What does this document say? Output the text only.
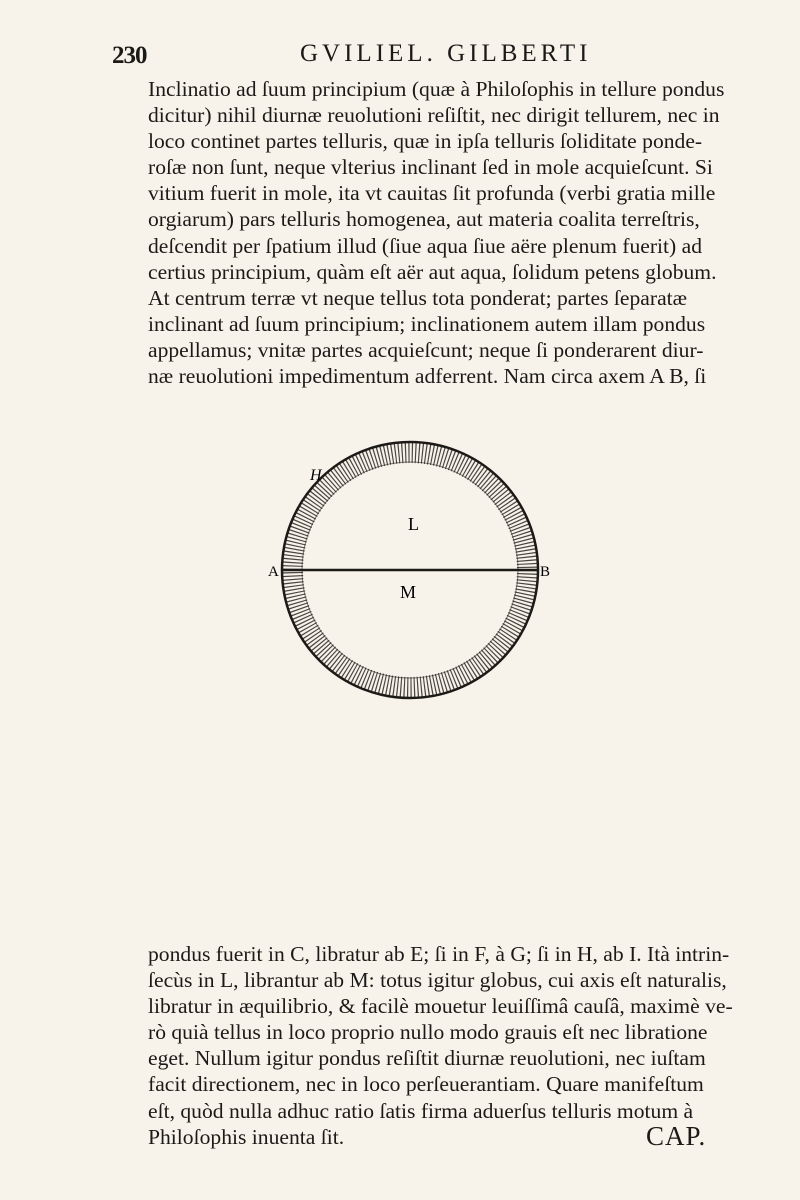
230	GVILIEL. GILBERTI
Inclinatio ad ſuum principium (quæ à Philoſophis in tellure pondus
dicitur) nihil diurnæ reuolutioni reſiſtit, nec dirigit tellurem, nec in
loco continet partes telluris, quæ in ipſa telluris ſoliditate ponde-
roſæ non ſunt, neque vlterius inclinant ſed in mole acquieſcunt. Si
vitium fuerit in mole, ita vt cauitas ſit profunda (verbi gratia mille
orgiarum) pars telluris homogenea, aut materia coalita terreſtris,
deſcendit per ſpatium illud (ſiue aqua ſiue aëre plenum fuerit) ad
certius principium, quàm eſt aër aut aqua, ſolidum petens globum.
At centrum terræ vt neque tellus tota ponderat; partes ſeparatæ
inclinant ad ſuum principium; inclinationem autem illam pondus
appellamus; vnitæ partes acquieſcunt; neque ſi ponderarent diur-
næ reuolutioni impedimentum adferrent. Nam circa axem A B, ſi
H
L
A	B
M
pondus fuerit in C, libratur ab E; ſi in F, à G; ſi in H, ab I. Ità intrin-
ſecùs in L, librantur ab M: totus igitur globus, cui axis eſt naturalis,
libratur in æquilibrio, & facilè mouetur leuiſſimâ cauſâ, maximè ve-
rò quià tellus in loco proprio nullo modo grauis eſt nec libratione
eget. Nullum igitur pondus reſiſtit diurnæ reuolutioni, nec iuſtam
facit directionem, nec in loco perſeuerantiam. Quare manifeſtum
eſt, quòd nulla adhuc ratio ſatis firma aduerſus telluris motum à
Philoſophis inuenta ſit.	CAP.
